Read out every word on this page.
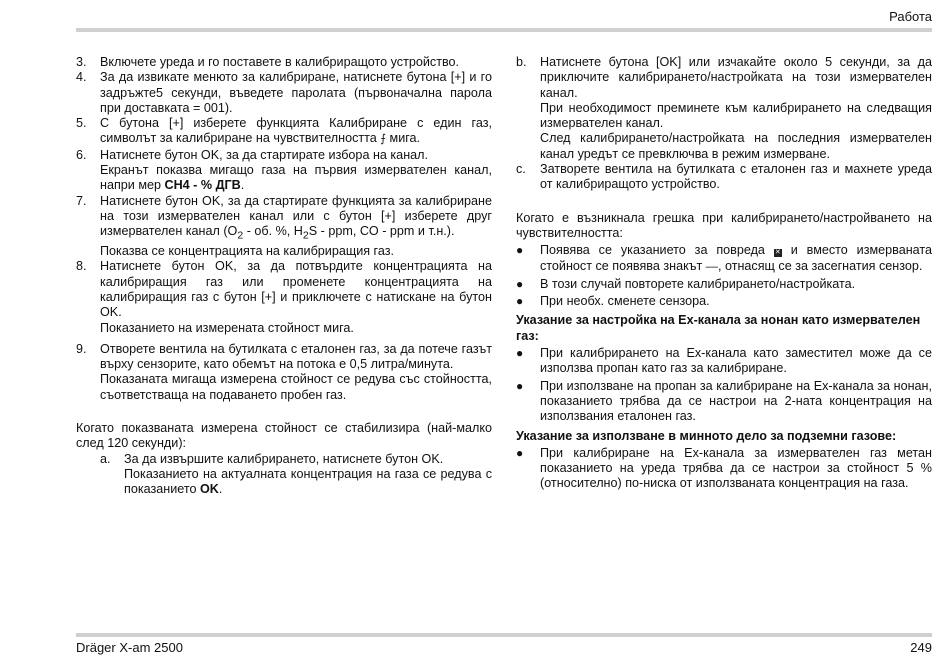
Работа
3.	Включете уреда и го поставете в калибриращото устройство.
4.	За да извикате менюто за калибриране, натиснете бутона [+] и го задръжте5 секунди, въведете паролата (първоначална парола при доставката = 001).
5.	С бутона [+] изберете функцията Калибриране с един газ, символът за калибриране на чувствителността ⨍ мига.
6.	Натиснете бутон OK, за да стартирате избора на канал.
Екранът показва мигащо газа на първия измервателен канал, напри мер CH4 - % ДГВ.
7.	Натиснете бутон OK, за да стартирате функцията за калибриране на този измервателен канал или с бутон [+] изберете друг измервателен канал ($O_2$ - об. %, $H_2S$ - ppm, CO - ppm и т.н.).
Показва се концентрацията на калибриращия газ.
8.	Натиснете бутон OK, за да потвърдите концентрацията на калибриращия газ или променете концентрацията на калибриращия газ с бутон [+] и приключете с натискане на бутон OK.
Показанието на измерената стойност мига.
9.	Отворете вентила на бутилката с еталонен газ, за да потече газът върху сензорите, като обемът на потока е 0,5 литра/минута.
Показаната мигаща измерена стойност се редува със стойността, съответстваща на подаването пробен газ.
Когато показваната измерена стойност се стабилизира (най-малко след 120 секунди):
a.	За да извършите калибрирането, натиснете бутон OK.
Показанието на актуалната концентрация на газа се редува с показанието OK.
b.	Натиснете бутона [OK] или изчакайте около 5 секунди, за да приключите калибрирането/настройката на този измервателен канал.
При необходимост преминете към калибрирането на следващия измервателен канал.
След калибрирането/настройката на последния измервателен канал уредът се превключва в режим измерване.
c.	Затворете вентила на бутилката с еталонен газ и махнете уреда от калибриращото устройство.
Когато е възникнала грешка при калибрирането/настройването на чувствителността:
●	Появява се указанието за повреда ✕ и вместо измерваната стойност се появява знакът ‒‒, отнасящ се за засегнатия сензор.
●	В този случай повторете калибрирането/настройката.
●	При необх. сменете сензора.
Указание за настройка на Ex-канала за нонан като измервателен газ:
●	При калибрирането на Ex-канала като заместител може да се използва пропан като газ за калибриране.
●	При използване на пропан за калибриране на Ex-канала за нонан, показанието трябва да се настрои на 2-ната концентрация на използвания еталонен газ.
Указание за използване в минното дело за подземни газове:
●	При калибриране на Ex-канала за измервателен газ метан показанието на уреда трябва да се настрои за стойност 5 % (относително) по-ниска от използваната концентрация на газа.
Dräger X-am 2500	249
